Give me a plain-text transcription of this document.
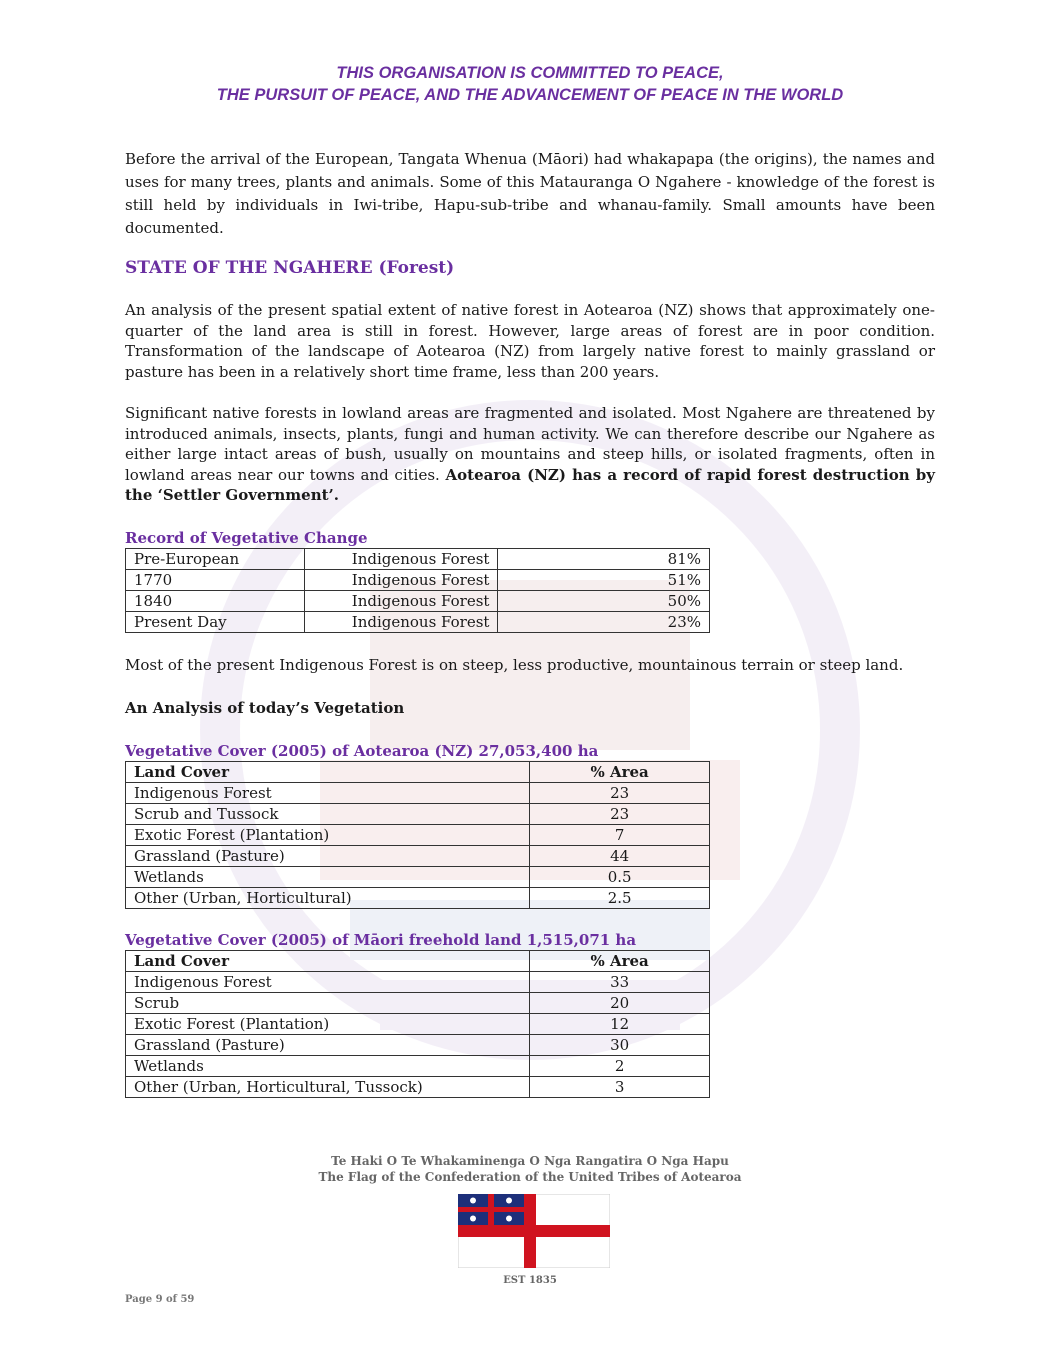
THIS ORGANISATION IS COMMITTED TO PEACE,
THE PURSUIT OF PEACE, AND THE ADVANCEMENT OF PEACE IN THE WORLD

Before the arrival of the European, Tangata Whenua (Māori) had whakapapa (the origins), the names and uses for many trees, plants and animals. Some of this Matauranga O Ngahere - knowledge of the forest is still held by individuals in Iwi-tribe, Hapu-sub-tribe and whanau-family. Small amounts have been documented.

STATE OF THE NGAHERE (Forest)

An analysis of the present spatial extent of native forest in Aotearoa (NZ) shows that approximately one-quarter of the land area is still in forest. However, large areas of forest are in poor condition. Transformation of the landscape of Aotearoa (NZ) from largely native forest to mainly grassland or pasture has been in a relatively short time frame, less than 200 years.

Significant native forests in lowland areas are fragmented and isolated. Most Ngahere are threatened by introduced animals, insects, plants, fungi and human activity. We can therefore describe our Ngahere as either large intact areas of bush, usually on mountains and steep hills, or isolated fragments, often in lowland areas near our towns and cities. Aotearoa (NZ) has a record of rapid forest destruction by the ‘Settler Government’.

Record of Vegetative Change
Pre-European	Indigenous Forest	81%
1770	Indigenous Forest	51%
1840	Indigenous Forest	50%
Present Day	Indigenous Forest	23%

Most of the present Indigenous Forest is on steep, less productive, mountainous terrain or steep land.

An Analysis of today’s Vegetation
Vegetative Cover (2005) of Aotearoa (NZ) 27,053,400 ha
Land Cover	% Area
Indigenous Forest	23
Scrub and Tussock	23
Exotic Forest (Plantation)	7
Grassland (Pasture)	44
Wetlands	0.5
Other (Urban, Horticultural)	2.5
Vegetative Cover (2005) of Māori freehold land 1,515,071 ha
Land Cover	% Area
Indigenous Forest	33
Scrub	20
Exotic Forest (Plantation)	12
Grassland (Pasture)	30
Wetlands	2
Other (Urban, Horticultural, Tussock)	3
Te Haki O Te Whakaminenga O Nga Rangatira O Nga Hapu
The Flag of the Confederation of the United Tribes of Aotearoa
EST 1835
Page 9 of 59
